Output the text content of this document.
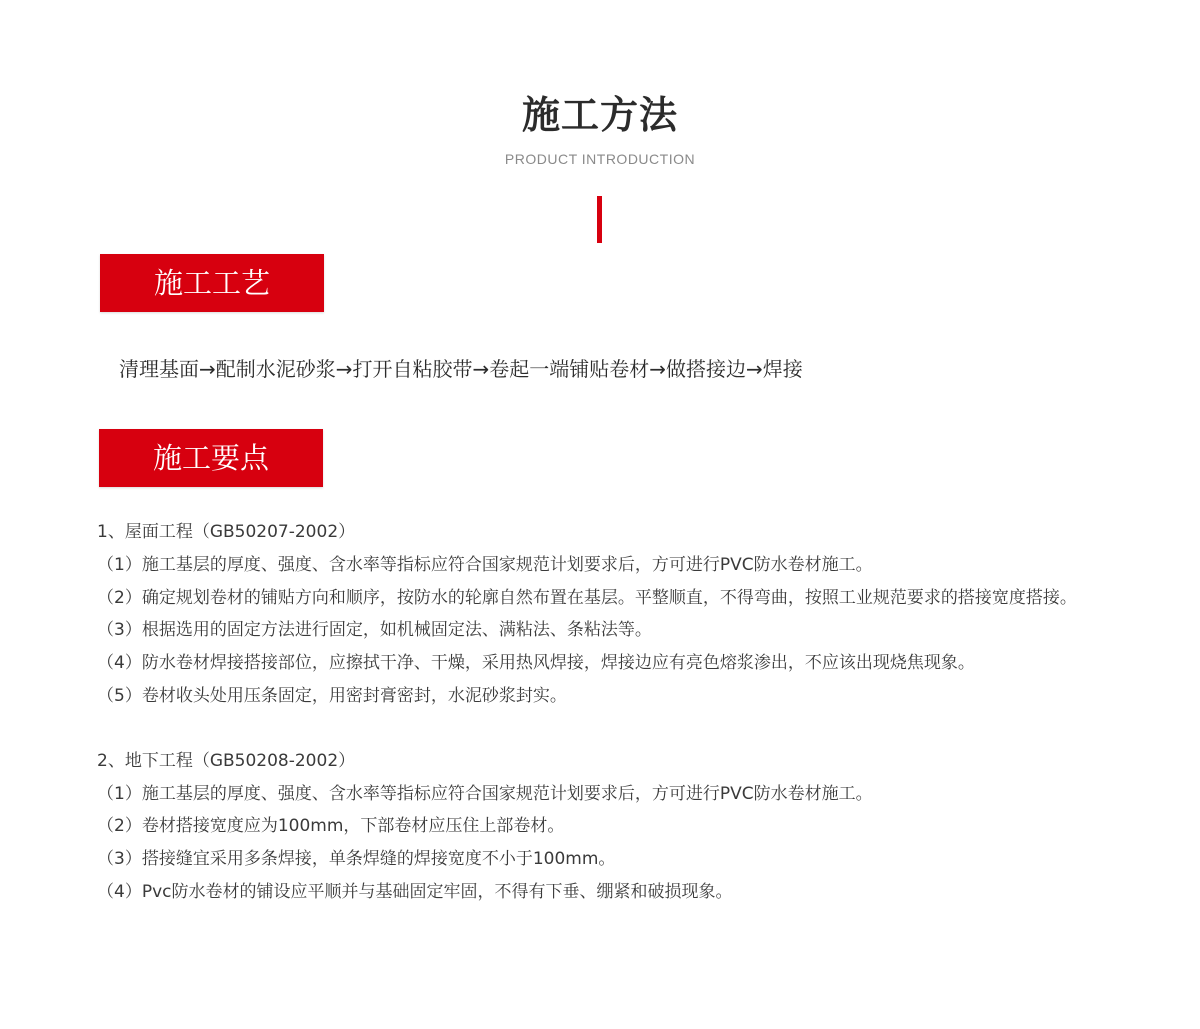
施工方法
PRODUCT INTRODUCTION
施工工艺
清理基面→配制水泥砂浆→打开自粘胶带→卷起一端铺贴卷材→做搭接边→焊接
施工要点
1、屋面工程（GB50207-2002）
（1）施工基层的厚度、强度、含水率等指标应符合国家规范计划要求后，方可进行PVC防水卷材施工。
（2）确定规划卷材的铺贴方向和顺序，按防水的轮廓自然布置在基层。平整顺直，不得弯曲，按照工业规范要求的搭接宽度搭接。
（3）根据选用的固定方法进行固定，如机械固定法、满粘法、条粘法等。
（4）防水卷材焊接搭接部位，应擦拭干净、干燥，采用热风焊接，焊接边应有亮色熔浆渗出，不应该出现烧焦现象。
（5）卷材收头处用压条固定，用密封膏密封，水泥砂浆封实。
2、地下工程（GB50208-2002）
（1）施工基层的厚度、强度、含水率等指标应符合国家规范计划要求后，方可进行PVC防水卷材施工。
（2）卷材搭接宽度应为100mm，下部卷材应压住上部卷材。
（3）搭接缝宜采用多条焊接，单条焊缝的焊接宽度不小于100mm。
（4）Pvc防水卷材的铺设应平顺并与基础固定牢固，不得有下垂、绷紧和破损现象。
